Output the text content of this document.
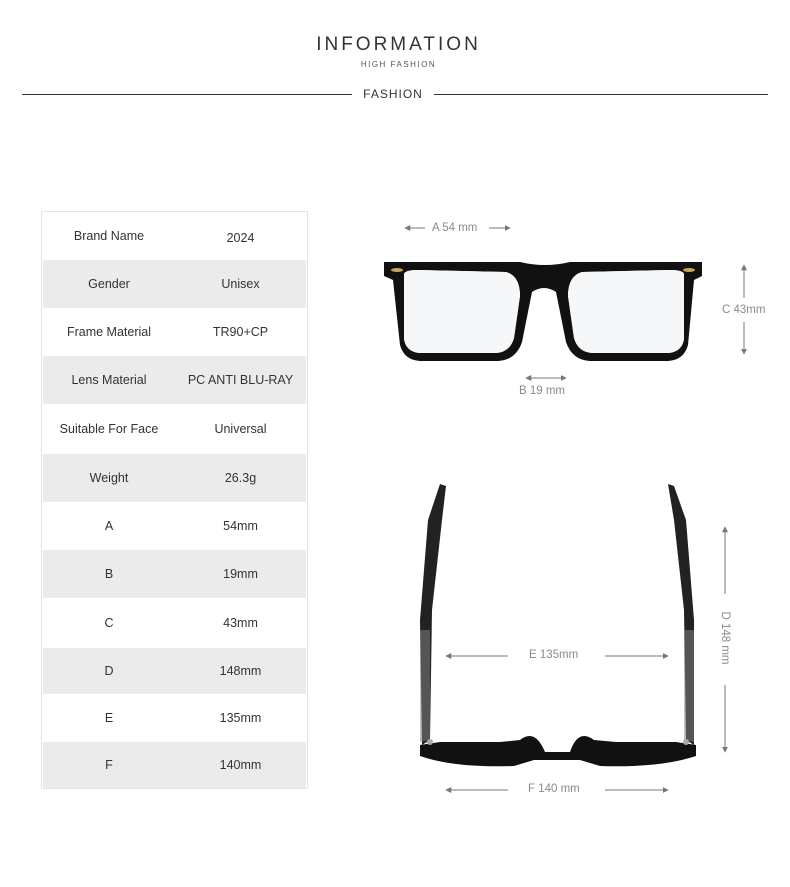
INFORMATION
HIGH FASHION
FASHION
Brand Name	2024
Gender	Unisex
Frame Material	TR90+CP
Lens Material	PC ANTI BLU-RAY
Suitable For Face	Universal
Weight	26.3g
A	54mm
B	19mm
C	43mm
D	148mm
E	135mm
F	140mm
A 54 mm
B 19 mm
C 43mm
E 135mm
F 140 mm
D 148 mm
